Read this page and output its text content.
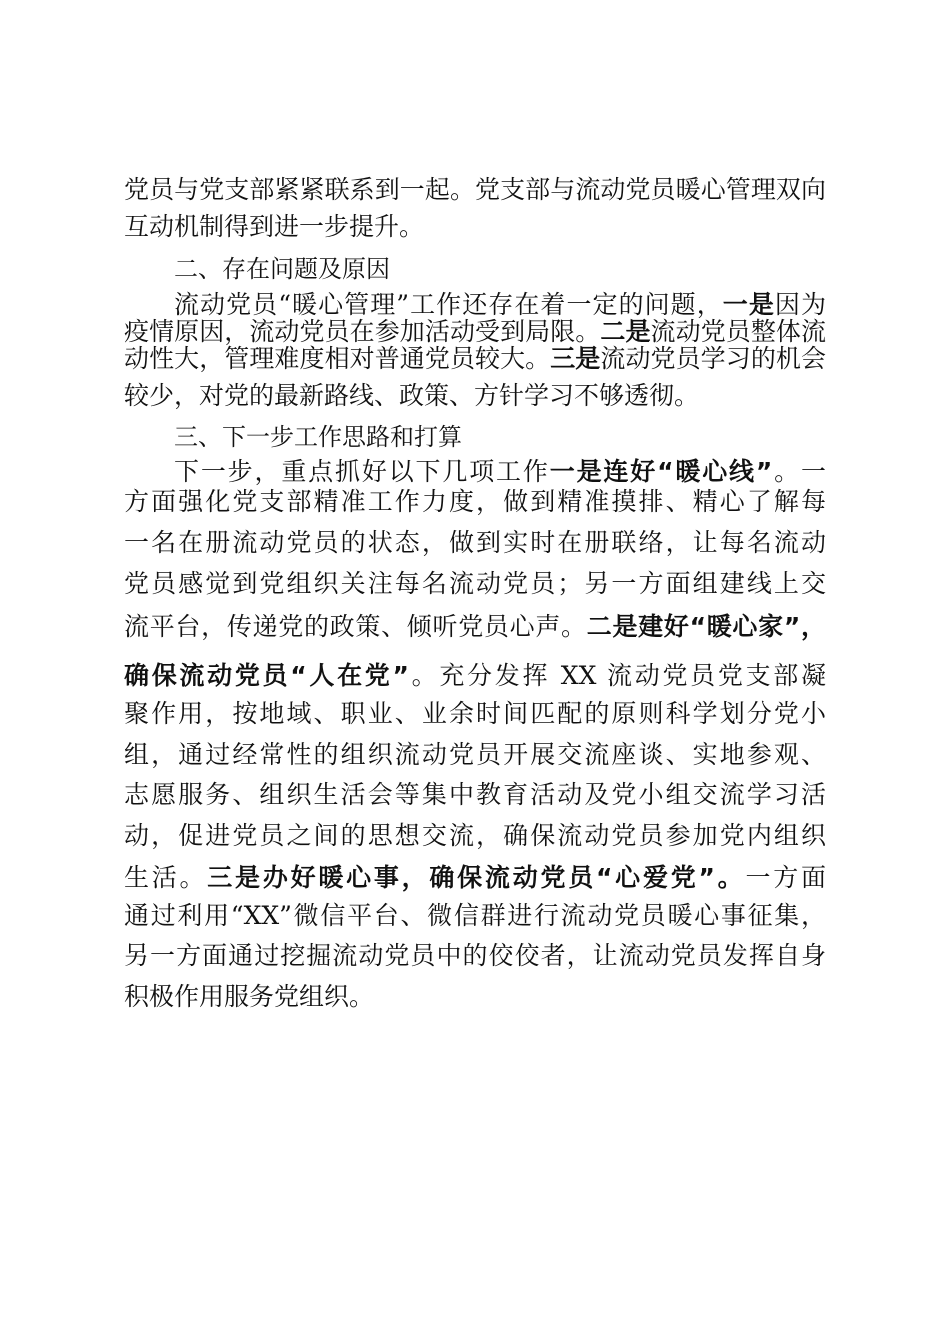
党员与党支部紧紧联系到一起。党支部与流动党员暖心管理双向
互动机制得到进一步提升。
二、存在问题及原因
流动党员“暖心管理”工作还存在着一定的问题，一是因为
疫情原因，流动党员在参加活动受到局限。二是流动党员整体流
动性大，管理难度相对普通党员较大。三是流动党员学习的机会
较少，对党的最新路线、政策、方针学习不够透彻。
三、下一步工作思路和打算
下一步，重点抓好以下几项工作一是连好“暖心线”。一
方面强化党支部精准工作力度，做到精准摸排、精心了解每
一名在册流动党员的状态，做到实时在册联络，让每名流动
党员感觉到党组织关注每名流动党员；另一方面组建线上交
流平台，传递党的政策、倾听党员心声。二是建好“暖心家”，
确保流动党员“人在党”。充分发挥 XX 流动党员党支部凝
聚作用，按地域、职业、业余时间匹配的原则科学划分党小
组，通过经常性的组织流动党员开展交流座谈、实地参观、
志愿服务、组织生活会等集中教育活动及党小组交流学习活
动，促进党员之间的思想交流，确保流动党员参加党内组织
生活。三是办好暖心事，确保流动党员“心爱党”。一方面
通过利用“XX”微信平台、微信群进行流动党员暖心事征集，
另一方面通过挖掘流动党员中的佼佼者，让流动党员发挥自身
积极作用服务党组织。
